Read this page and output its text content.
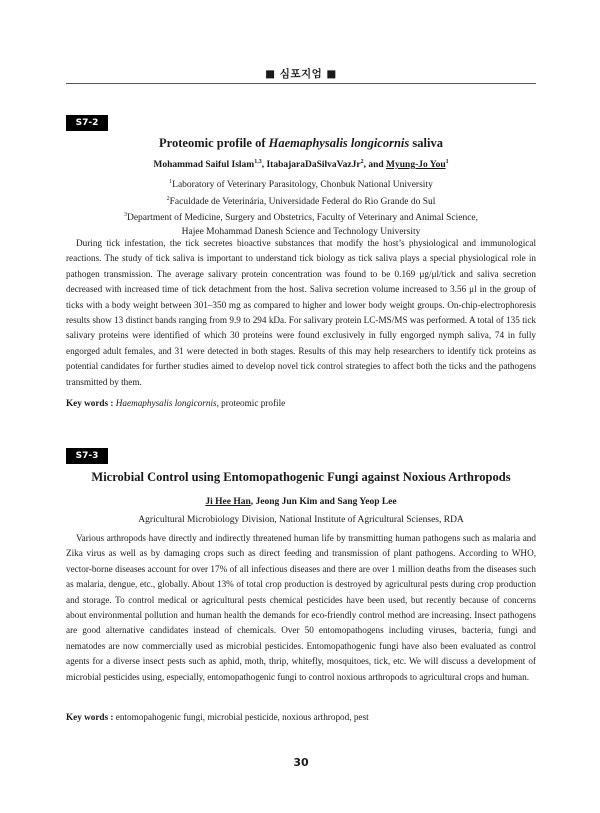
■ 심포지엄 ■
S7-2
Proteomic profile of Haemaphysalis longicornis saliva
Mohammad Saiful Islam$^{1,3}$, ItabajaraDaSilvaVazJr$^2$, and Myung-Jo You$^1$
$^1$Laboratory of Veterinary Parasitology, Chonbuk National University
$^2$Faculdade de Veterinária, Universidade Federal do Rio Grande do Sul
$^3$Department of Medicine, Surgery and Obstetrics, Faculty of Veterinary and Animal Science,
Hajee Mohammad Danesh Science and Technology University

During tick infestation, the tick secretes bioactive substances that modify the host’s physiological and immunological reactions. The study of tick saliva is important to understand tick biology as tick saliva plays a special physiological role in pathogen transmission. The average salivary protein concentration was found to be 0.169 μg/μl/tick and saliva secretion decreased with increased time of tick detachment from the host. Saliva secretion volume increased to 3.56 μl in the group of ticks with a body weight between 301–350 mg as compared to higher and lower body weight groups. On-chip-electrophoresis results show 13 distinct bands ranging from 9.9 to 294 kDa. For salivary protein LC-MS/MS was performed. A total of 135 tick salivary proteins were identified of which 30 proteins were found exclusively in fully engorged nymph saliva, 74 in fully engorged adult females, and 31 were detected in both stages. Results of this may help researchers to identify tick proteins as potential candidates for further studies aimed to develop novel tick control strategies to affect both the ticks and the pathogens transmitted by them.

Key words : Haemaphysalis longicornis, proteomic profile
S7-3
Microbial Control using Entomopathogenic Fungi against Noxious Arthropods
Ji Hee Han, Jeong Jun Kim and Sang Yeop Lee
Agricultural Microbiology Division, National Institute of Agricultural Scienses, RDA

Various arthropods have directly and indirectly threatened human life by transmitting human pathogens such as malaria and Zika virus as well as by damaging crops such as direct feeding and transmission of plant pathogens. According to WHO, vector-borne diseases account for over 17% of all infectious diseases and there are over 1 million deaths from the diseases such as malaria, dengue, etc., globally. About 13% of total crop production is destroyed by agricultural pests during crop production and storage. To control medical or agricultural pests chemical pesticides have been used, but recently because of concerns about environmental pollution and human health the demands for eco-friendly control method are increasing. Insect pathogens are good alternative candidates instead of chemicals. Over 50 entomopathogens including viruses, bacteria, fungi and nematodes are now commercially used as microbial pesticides. Entomopathogenic fungi have also been evaluated as control agents for a diverse insect pests such as aphid, moth, thrip, whitefly, mosquitoes, tick, etc. We will discuss a development of microbial pesticides using, especially, entomopathogenic fungi to control noxious arthropods to agricultural crops and human.

Key words : entomopahogenic fungi, microbial pesticide, noxious arthropod, pest
30
